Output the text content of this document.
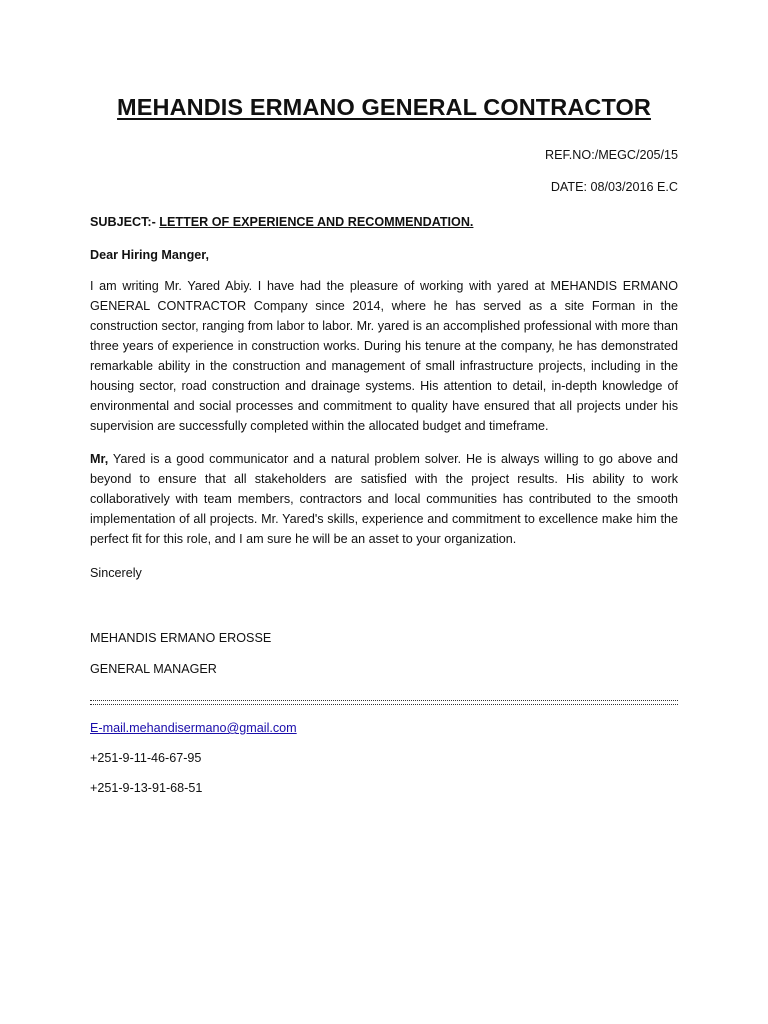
MEHANDIS ERMANO GENERAL CONTRACTOR
REF.NO:/MEGC/205/15
DATE: 08/03/2016 E.C
SUBJECT:- LETTER OF EXPERIENCE AND RECOMMENDATION.
Dear Hiring Manger,

I am writing Mr. Yared Abiy. I have had the pleasure of working with yared at MEHANDIS ERMANO GENERAL CONTRACTOR Company since 2014, where he has served as a site Forman in the construction sector, ranging from labor to labor. Mr. yared is an accomplished professional with more than three years of experience in construction works. During his tenure at the company, he has demonstrated remarkable ability in the construction and management of small infrastructure projects, including in the housing sector, road construction and drainage systems. His attention to detail, in-depth knowledge of environmental and social processes and commitment to quality have ensured that all projects under his supervision are successfully completed within the allocated budget and timeframe.

Mr, Yared is a good communicator and a natural problem solver. He is always willing to go above and beyond to ensure that all stakeholders are satisfied with the project results. His ability to work collaboratively with team members, contractors and local communities has contributed to the smooth implementation of all projects. Mr. Yared's skills, experience and commitment to excellence make him the perfect fit for this role, and I am sure he will be an asset to your organization.

Sincerely
MEHANDIS ERMANO EROSSE
GENERAL MANAGER
E-mail.mehandisermano@gmail.com
+251-9-11-46-67-95
+251-9-13-91-68-51
